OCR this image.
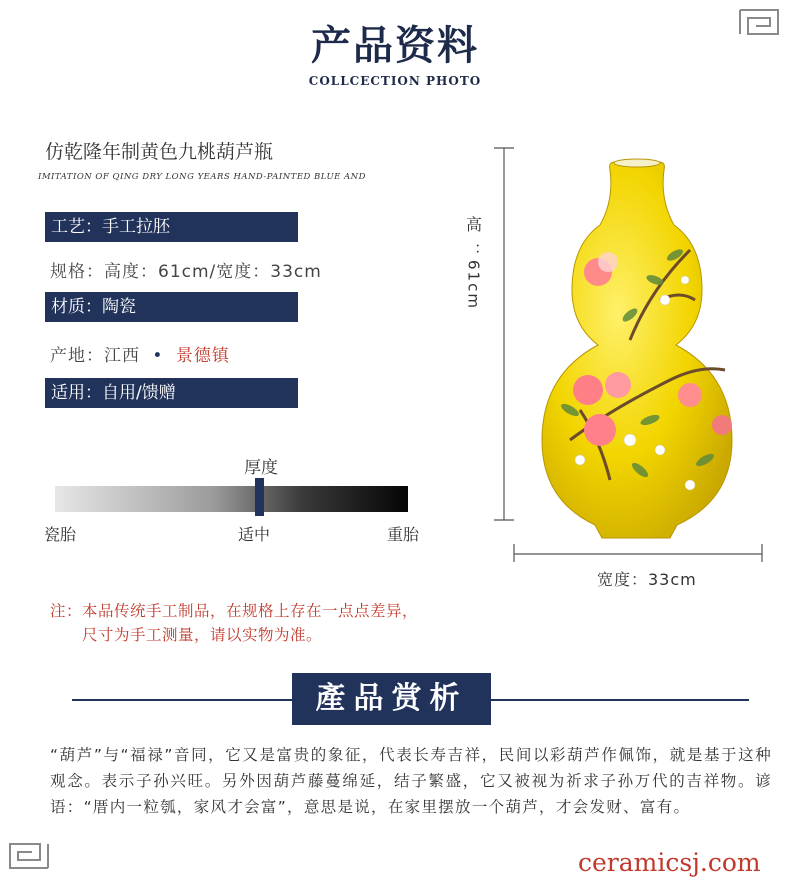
产品资料
COLLCECTION PHOTO
仿乾隆年制黄色九桃葫芦瓶
IMITATION OF QING DRY LONG YEARS HAND-PAINTED BLUE AND
工艺：手工拉胚
规格：高度：61cm/宽度：33cm
材质：陶瓷
产地：江西 • 景德镇
适用：自用/馈赠
厚度
瓷胎	适中	重胎
高
：61cm
宽度：33cm
注：本品传统手工制品，在规格上存在一点点差异，
尺寸为手工测量，请以实物为准。
產品赏析
“葫芦”与“福禄”音同，它又是富贵的象征，代表长寿吉祥，民间以彩葫芦作佩饰，就是基于这种观念。表示子孙兴旺。另外因葫芦藤蔓绵延，结子繁盛，它又被视为祈求子孙万代的吉祥物。谚语：“厝内一粒瓠，家风才会富”，意思是说，在家里摆放一个葫芦，才会发财、富有。
ceramicsj.com
